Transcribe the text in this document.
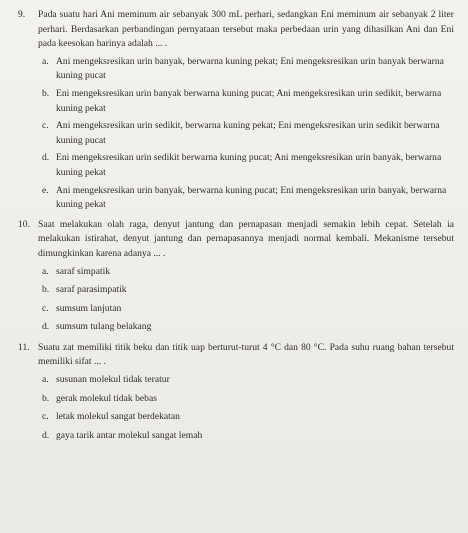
9.	Pada suatu hari Ani meminum air sebanyak 300 mL perhari, sedangkan Eni meminum air sebanyak 2 liter perhari. Berdasarkan perbandingan pernyataan tersebut maka perbedaan urin yang dihasilkan Ani dan Eni pada keesokan harinya adalah ... .

a. Ani mengeksresikan urin banyak, berwarna kuning pekat; Eni mengeksresikan urin banyak berwarna kuning pucat
b. Eni mengeksresikan urin banyak berwarna kuning pucat; Ani mengeksresikan urin sedikit, berwarna kuning pekat
c. Ani mengeksresikan urin sedikit, berwarna kuning pekat; Eni mengeksresikan urin sedikit berwarna kuning pucat
d. Eni mengeksresikan urin sedikit berwarna kuning pucat; Ani mengeksresikan urin banyak, berwarna kuning pekat
e. Ani mengeksresikan urin banyak, berwarna kuning pucat; Eni mengeksresikan urin banyak, berwarna kuning pekat
10. Saat melakukan olah raga, denyut jantung dan pernapasan menjadi semakin lebih cepat. Setelah ia melakukan istirahat, denyut jantung dan pernapasannya menjadi normal kembali. Mekanisme tersebut dimungkinkan karena adanya ... .

a. saraf simpatik
b. saraf parasimpatik
c. sumsum lanjutan
d. sumsum tulang belakang
11. Suatu zat memiliki titik beku dan titik uap berturut-turut 4 °C dan 80 °C. Pada suhu ruang bahan tersebut memiliki sifat ... .

a. susunan molekul tidak teratur
b. gerak molekul tidak bebas
c. letak molekul sangat berdekatan
d. gaya tarik antar molekul sangat lemah
